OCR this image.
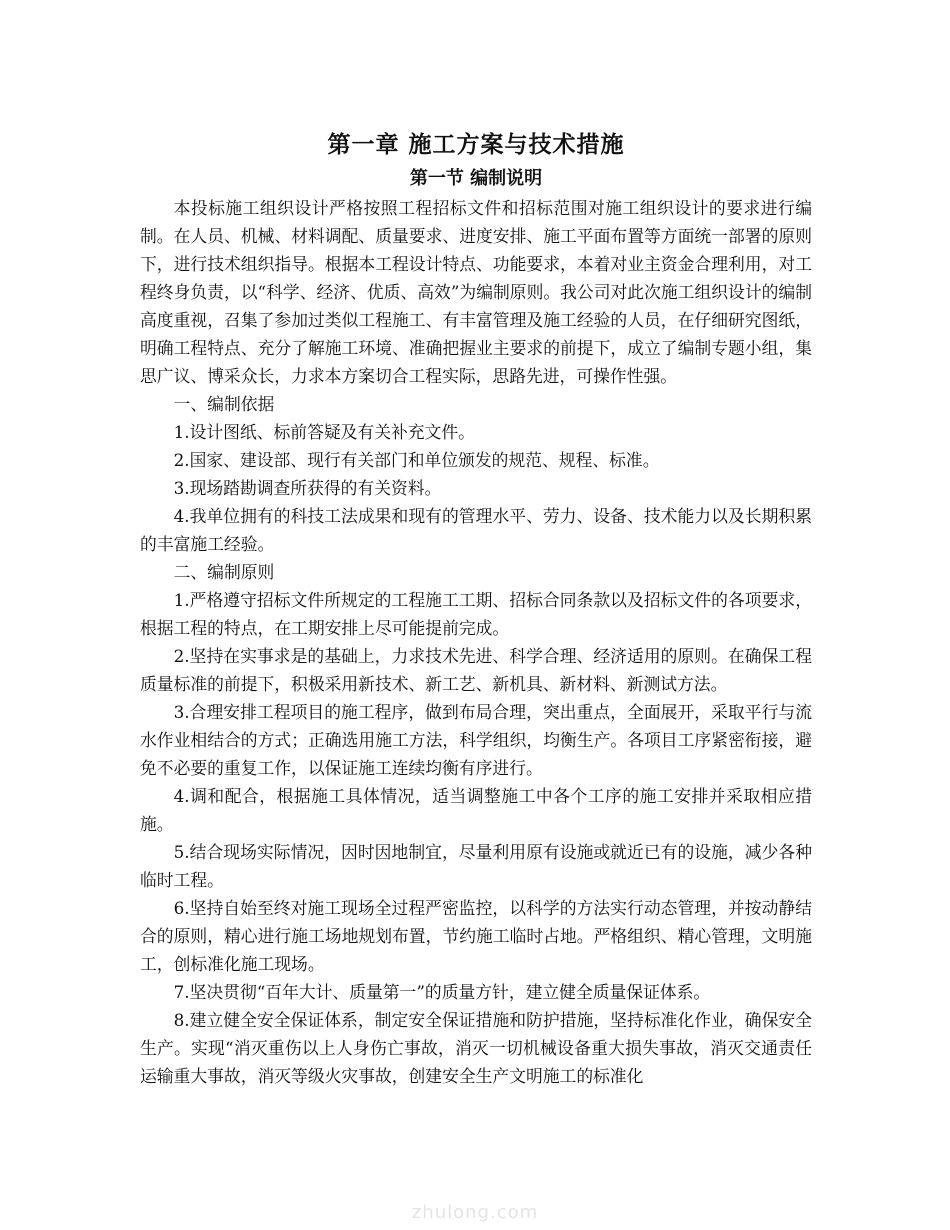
第一章 施工方案与技术措施
第一节 编制说明

本投标施工组织设计严格按照工程招标文件和招标范围对施工组织设计的要求进行编制。在人员、机械、材料调配、质量要求、进度安排、施工平面布置等方面统一部署的原则下，进行技术组织指导。根据本工程设计特点、功能要求，本着对业主资金合理利用，对工程终身负责，以“科学、经济、优质、高效”为编制原则。我公司对此次施工组织设计的编制高度重视，召集了参加过类似工程施工、有丰富管理及施工经验的人员，在仔细研究图纸，明确工程特点、充分了解施工环境、准确把握业主要求的前提下，成立了编制专题小组，集思广议、博采众长，力求本方案切合工程实际，思路先进，可操作性强。

一、编制依据

1.设计图纸、标前答疑及有关补充文件。

2.国家、建设部、现行有关部门和单位颁发的规范、规程、标准。

3.现场踏勘调查所获得的有关资料。

4.我单位拥有的科技工法成果和现有的管理水平、劳力、设备、技术能力以及长期积累的丰富施工经验。

二、编制原则

1.严格遵守招标文件所规定的工程施工工期、招标合同条款以及招标文件的各项要求，根据工程的特点，在工期安排上尽可能提前完成。

2.坚持在实事求是的基础上，力求技术先进、科学合理、经济适用的原则。在确保工程质量标准的前提下，积极采用新技术、新工艺、新机具、新材料、新测试方法。

3.合理安排工程项目的施工程序，做到布局合理，突出重点，全面展开，采取平行与流水作业相结合的方式；正确选用施工方法，科学组织，均衡生产。各项目工序紧密衔接，避免不必要的重复工作，以保证施工连续均衡有序进行。

4.调和配合，根据施工具体情况，适当调整施工中各个工序的施工安排并采取相应措施。

5.结合现场实际情况，因时因地制宜，尽量利用原有设施或就近已有的设施，减少各种临时工程。

6.坚持自始至终对施工现场全过程严密监控，以科学的方法实行动态管理，并按动静结合的原则，精心进行施工场地规划布置，节约施工临时占地。严格组织、精心管理，文明施工，创标准化施工现场。

7.坚决贯彻“百年大计、质量第一”的质量方针，建立健全质量保证体系。

8.建立健全安全保证体系，制定安全保证措施和防护措施，坚持标准化作业，确保安全生产。实现“消灭重伤以上人身伤亡事故，消灭一切机械设备重大损失事故，消灭交通责任运输重大事故，消灭等级火灾事故，创建安全生产文明施工的标准化

zhulong.com
